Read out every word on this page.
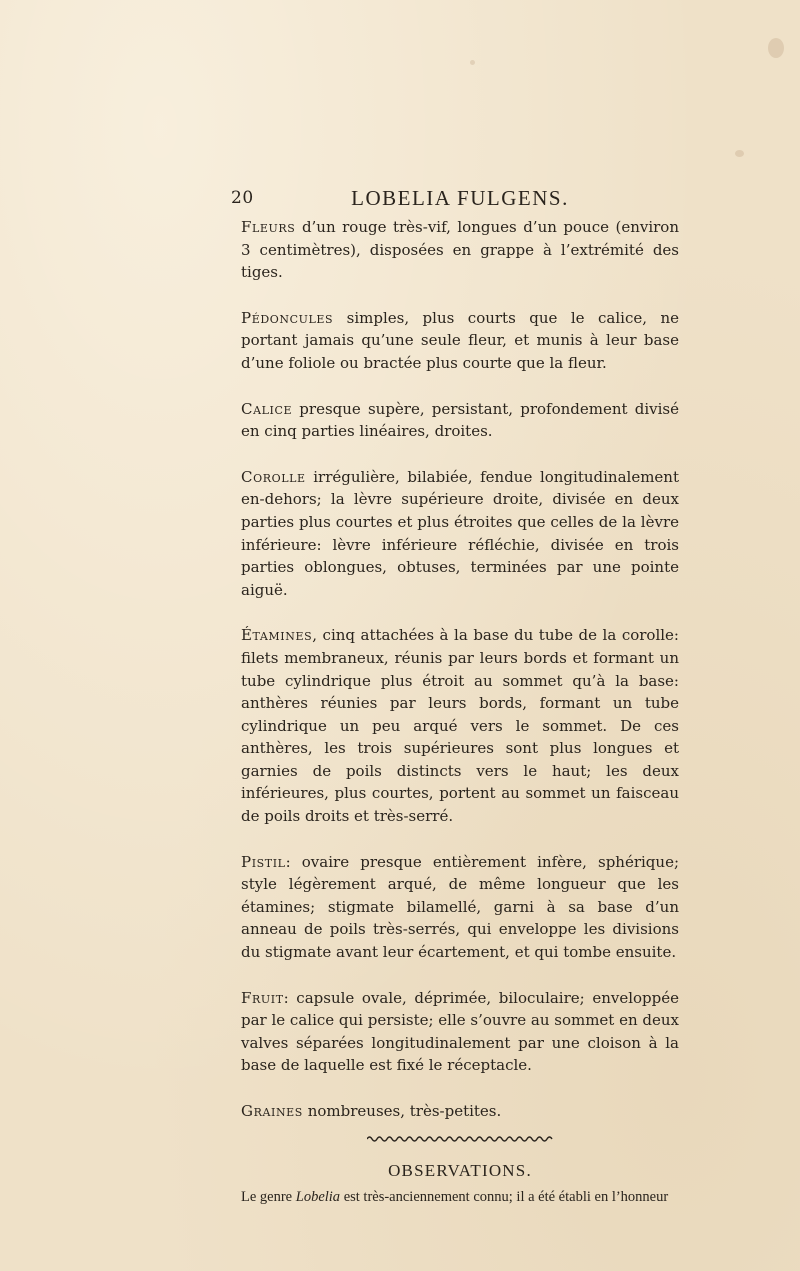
20	LOBELIA FULGENS.

Fleurs d’un rouge très-vif, longues d’un pouce (environ 3 centimètres), disposées en grappe à l’extrémité des tiges.

Pédoncules simples, plus courts que le calice, ne portant jamais qu’une seule fleur, et munis à leur base d’une foliole ou bractée plus courte que la fleur.

Calice presque supère, persistant, profondement divisé en cinq parties linéaires, droites.

Corolle irrégulière, bilabiée, fendue longitudinalement en-dehors; la lèvre supérieure droite, divisée en deux parties plus courtes et plus étroites que celles de la lèvre inférieure: lèvre inférieure réfléchie, divisée en trois parties oblongues, obtuses, terminées par une pointe aiguë.

Étamines, cinq attachées à la base du tube de la corolle: filets membraneux, réunis par leurs bords et formant un tube cylindrique plus étroit au sommet qu’à la base: anthères réunies par leurs bords, formant un tube cylindrique un peu arqué vers le sommet. De ces anthères, les trois supérieures sont plus longues et garnies de poils distincts vers le haut; les deux inférieures, plus courtes, portent au sommet un faisceau de poils droits et très-serré.

Pistil: ovaire presque entièrement infère, sphérique; style légèrement arqué, de même longueur que les étamines; stigmate bilamellé, garni à sa base d’un anneau de poils très-serrés, qui enveloppe les divisions du stigmate avant leur écartement, et qui tombe ensuite.

Fruit: capsule ovale, déprimée, biloculaire; enveloppée par le calice qui persiste; elle s’ouvre au sommet en deux valves séparées longitudinalement par une cloison à la base de laquelle est fixé le réceptacle.

Graines nombreuses, très-petites.

OBSERVATIONS.
Le genre Lobelia est très-anciennement connu; il a été établi en l’honneur
